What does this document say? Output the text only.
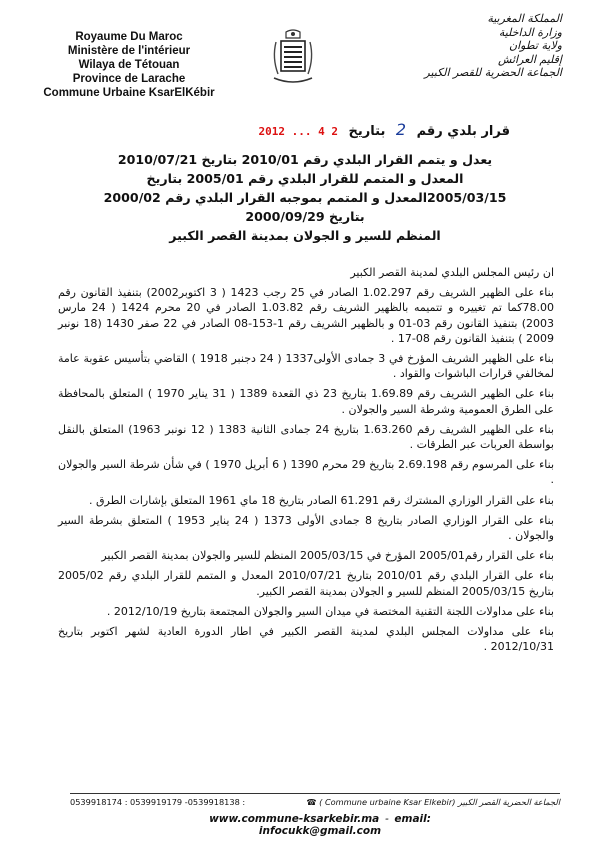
Royaume Du Maroc
Ministère de l'intérieur
Wilaya de Tétouan
Province de Larache
Commune Urbaine KsarElKébir
المملكة المغربية
وزارة الداخلية
ولاية تطوان
إقليم العرائش
الجماعة الحضرية للقصر الكبير
قرار بلدي رقم 2 بتاريخ 2 4 ... 2012
يعدل و يتمم القرار البلدي رقم 2010/01 بتاريخ 2010/07/21
المعدل و المتمم للقرار البلدي رقم 2005/01 بتاريخ
2005/03/15المعدل و المتمم بموجبه القرار البلدي رقم 2000/02
بتاريخ 2000/09/29
المنظم للسير و الجولان بمدينة القصر الكبير

ان رئيس المجلس البلدي لمدينة القصر الكبير

بناء على الظهير الشريف رقم 1.02.297 الصادر في 25 رجب 1423 ( 3 اكتوبر2002) بتنفيذ القانون رقم 78.00كما تم تغييره و تتميمه بالظهير الشريف رقم 1.03.82 الصادر في 20 محرم 1424 ( 24 مارس 2003) بتنفيذ القانون رقم 03-01 و بالظهير الشريف رقم 1-153-08 الصادر في 22 صفر 1430 (18 نونبر 2009 ) بتنفيذ القانون رقم 08-17 .

بناء على الظهير الشريف المؤرخ في 3 جمادى الأولى1337 ( 24 دجنبر 1918 ) القاضي بتأسيس عقوبة عامة لمخالفي قرارات الباشوات والقواد .

بناء على الظهير الشريف رقم 1.69.89 بتاريخ 23 ذي القعدة 1389 ( 31 يناير 1970 ) المتعلق بالمحافظة على الطرق العمومية وشرطة السير والجولان .

بناء على الظهير الشريف رقم 1.63.260 بتاريخ 24 جمادى الثانية 1383 ( 12 نونبر 1963) المتعلق بالنقل بواسطة العربات عبر الطرقات .

بناء على المرسوم رقم 2.69.198 بتاريخ 29 محرم 1390 ( 6 أبريل 1970 ) في شأن شرطة السير والجولان .

بناء على القرار الوزاري المشترك رقم 61.291 الصادر بتاريخ 18 ماي 1961 المتعلق بإشارات الطرق .

بناء على القرار الوزاري الصادر بتاريخ 8 جمادى الأولى 1373 ( 24 يناير 1953 ) المتعلق بشرطة السير والجولان .

بناء على القرار رقم2005/01 المؤرخ في 2005/03/15 المنظم للسير والجولان بمدينة القصر الكبير

بناء على القرار البلدي رقم 2010/01 بتاريخ 2010/07/21 المعدل و المتمم للقرار البلدي رقم 2005/02 بتاريخ 2005/03/15 المنظم للسير و الجولان بمدينة القصر الكبير.

بناء على مداولات اللجنة التقنية المختصة في ميدان السير والجولان المجتمعة بتاريخ 2012/10/19 .

بناء على مداولات المجلس البلدي لمدينة القصر الكبير في اطار الدورة العادية لشهر اكتوبر بتاريخ 2012/10/31 .

0539918174 : 0539919179 -0539918138 :	الجماعة الحضرية القصر الكبير (Commune urbaine Ksar Elkebir ) ☎
www.commune-ksarkebir.ma - email: infocukk@gmail.com
